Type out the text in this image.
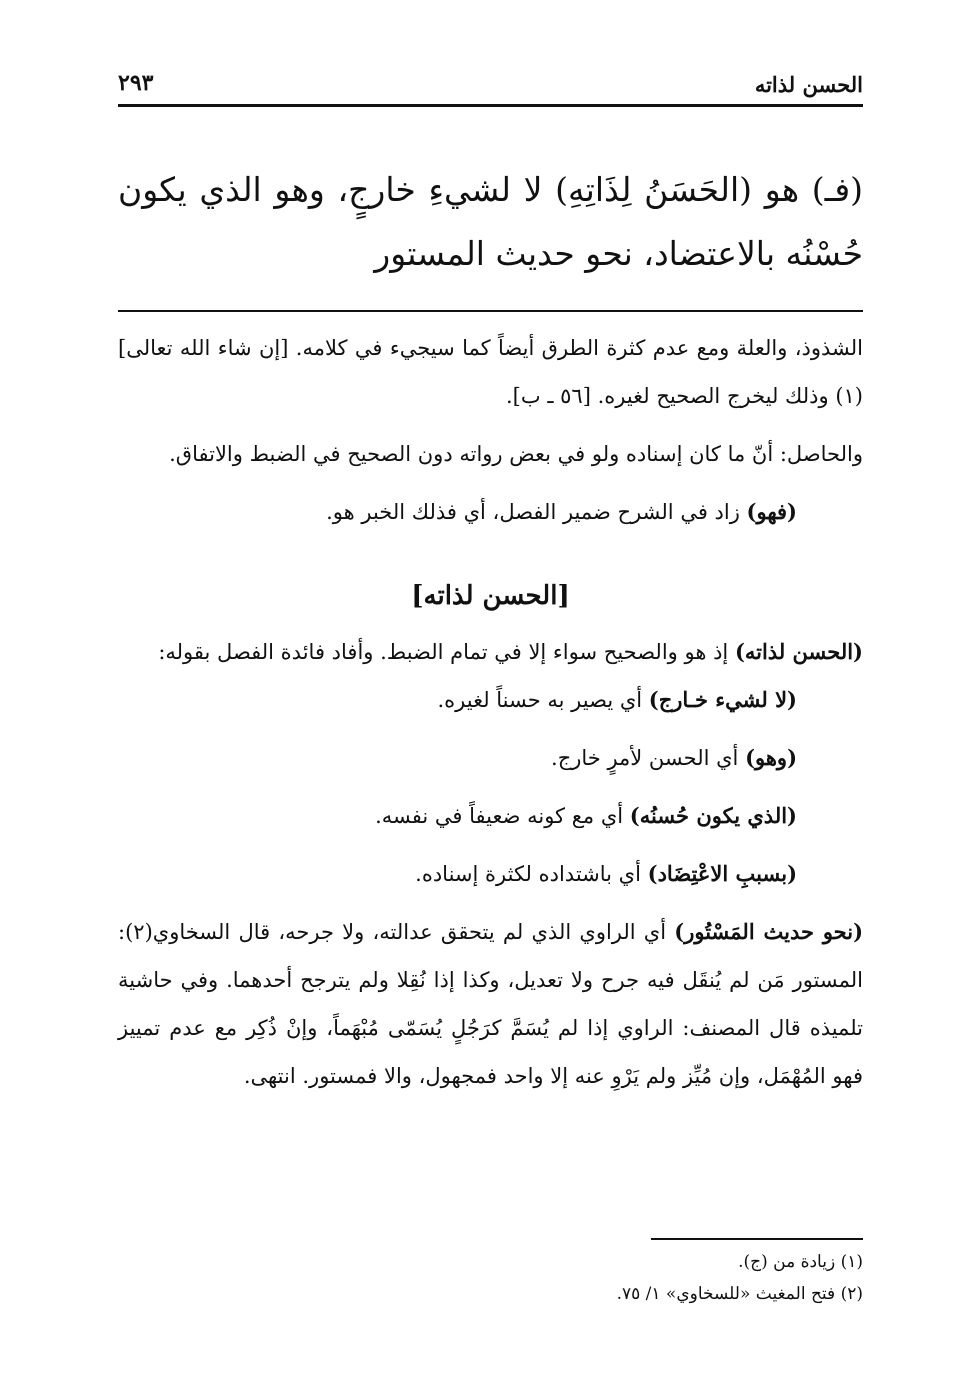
٢٩٣	الحسن لذاته
(فـ) هو (الحَسَنُ لِذَاتِهِ) لا لشيءِ خارجٍ، وهو الذي يكون حُسْنُه بالاعتضاد، نحو حديث المستور

الشذوذ، والعلة ومع عدم كثرة الطرق أيضاً كما سيجيء في كلامه. [إن شاء الله تعالى](١) وذلك ليخرج الصحيح لغيره. [٥٦ ـ ب].

والحاصل: أنّ ما كان إسناده ولو في بعض رواته دون الصحيح في الضبط والاتفاق.

(فهو) زاد في الشرح ضمير الفصل، أي فذلك الخبر هو.

[الحسن لذاته]

(الحسن لذاته) إذ هو والصحيح سواء إلا في تمام الضبط. وأفاد فائدة الفصل بقوله:

(لا لشيء خـارج) أي يصير به حسناً لغيره.

(وهو) أي الحسن لأمرٍ خارج.

(الذي يكون حُسنُه) أي مع كونه ضعيفاً في نفسه.

(بسببِ الاعْتِضَاد) أي باشتداده لكثرة إسناده.

(نحو حديث المَسْتُور) أي الراوي الذي لم يتحقق عدالته، ولا جرحه، قال السخاوي(٢): المستور مَن لم يُنقَل فيه جرح ولا تعديل، وكذا إذا نُقِلا ولم يترجح أحدهما. وفي حاشية تلميذه قال المصنف: الراوي إذا لم يُسَمَّ كرَجُلٍ يُسَمّى مُبْهَماً، وإنْ ذُكِر مع عدم تمييز فهو المُهْمَل، وإن مُيِّز ولم يَرْوِ عنه إلا واحد فمجهول، والا فمستور. انتهى.

(١) زيادة من (ج).

(٢) فتح المغيث «للسخاوي» ١/ ٧٥.
